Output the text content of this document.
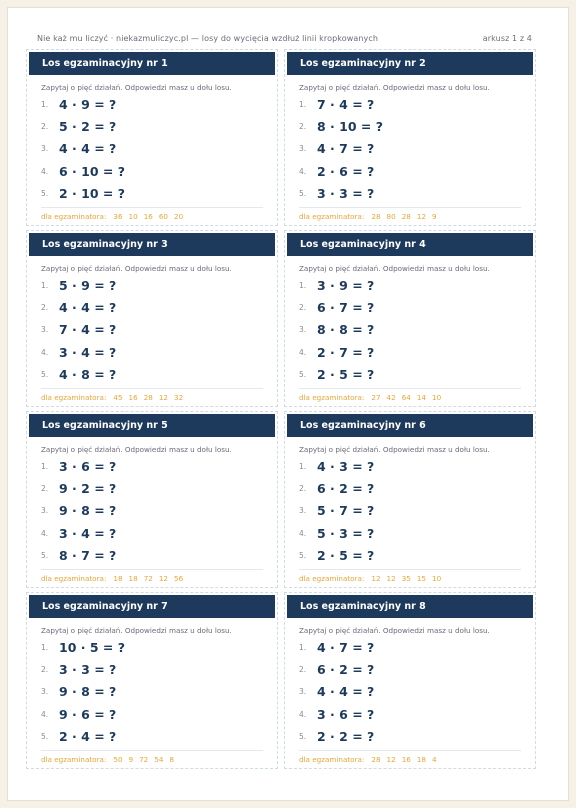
Nie każ mu liczyć · niekazmuliczyc.pl — losy do wycięcia wzdłuż linii kropkowanych	arkusz 1 z 4
Los egzaminacyjny nr 1
Zapytaj o pięć działań. Odpowiedzi masz u dołu losu.
1. 4 · 9 = ?
2. 5 · 2 = ?
3. 4 · 4 = ?
4. 6 · 10 = ?
5. 2 · 10 = ?
dla egzaminatora: 36 10 16 60 20
Los egzaminacyjny nr 2
Zapytaj o pięć działań. Odpowiedzi masz u dołu losu.
1. 7 · 4 = ?
2. 8 · 10 = ?
3. 4 · 7 = ?
4. 2 · 6 = ?
5. 3 · 3 = ?
dla egzaminatora: 28 80 28 12 9
Los egzaminacyjny nr 3
Zapytaj o pięć działań. Odpowiedzi masz u dołu losu.
1. 5 · 9 = ?
2. 4 · 4 = ?
3. 7 · 4 = ?
4. 3 · 4 = ?
5. 4 · 8 = ?
dla egzaminatora: 45 16 28 12 32
Los egzaminacyjny nr 4
Zapytaj o pięć działań. Odpowiedzi masz u dołu losu.
1. 3 · 9 = ?
2. 6 · 7 = ?
3. 8 · 8 = ?
4. 2 · 7 = ?
5. 2 · 5 = ?
dla egzaminatora: 27 42 64 14 10
Los egzaminacyjny nr 5
Zapytaj o pięć działań. Odpowiedzi masz u dołu losu.
1. 3 · 6 = ?
2. 9 · 2 = ?
3. 9 · 8 = ?
4. 3 · 4 = ?
5. 8 · 7 = ?
dla egzaminatora: 18 18 72 12 56
Los egzaminacyjny nr 6
Zapytaj o pięć działań. Odpowiedzi masz u dołu losu.
1. 4 · 3 = ?
2. 6 · 2 = ?
3. 5 · 7 = ?
4. 5 · 3 = ?
5. 2 · 5 = ?
dla egzaminatora: 12 12 35 15 10
Los egzaminacyjny nr 7
Zapytaj o pięć działań. Odpowiedzi masz u dołu losu.
1. 10 · 5 = ?
2. 3 · 3 = ?
3. 9 · 8 = ?
4. 9 · 6 = ?
5. 2 · 4 = ?
dla egzaminatora: 50 9 72 54 8
Los egzaminacyjny nr 8
Zapytaj o pięć działań. Odpowiedzi masz u dołu losu.
1. 4 · 7 = ?
2. 6 · 2 = ?
3. 4 · 4 = ?
4. 3 · 6 = ?
5. 2 · 2 = ?
dla egzaminatora: 28 12 16 18 4
